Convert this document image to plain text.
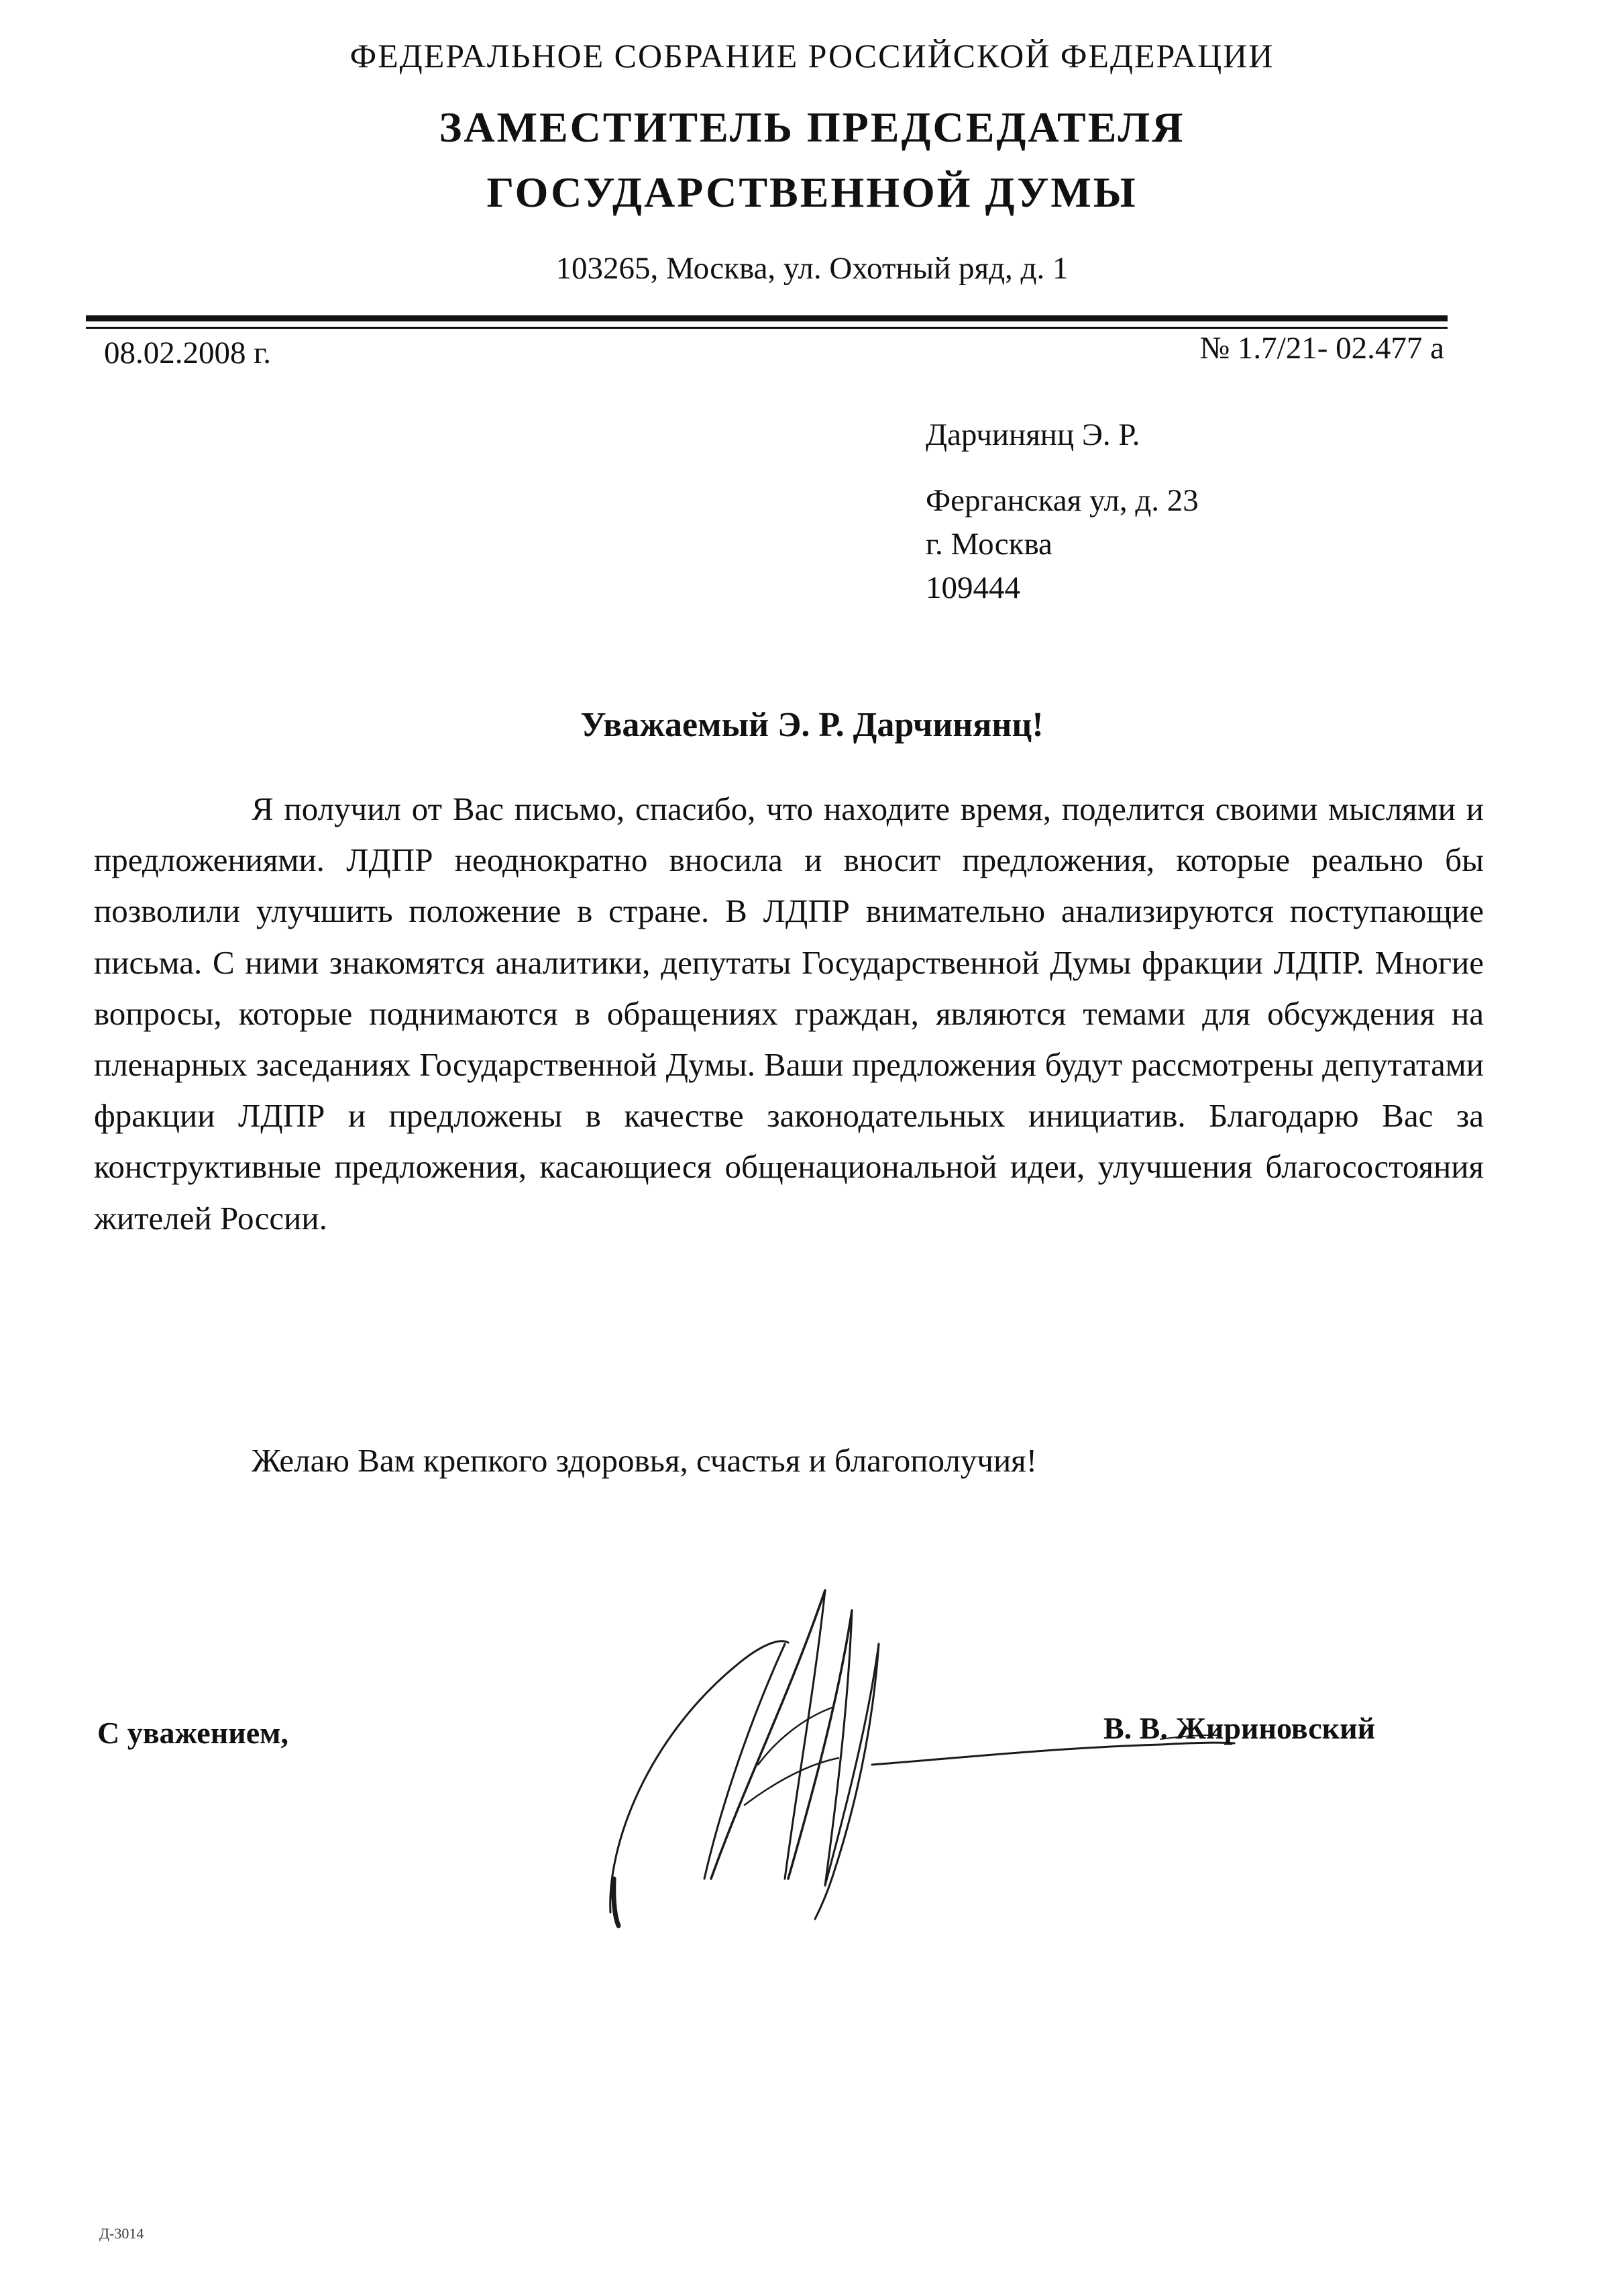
ФЕДЕРАЛЬНОЕ СОБРАНИЕ РОССИЙСКОЙ ФЕДЕРАЦИИ
ЗАМЕСТИТЕЛЬ ПРЕДСЕДАТЕЛЯ
ГОСУДАРСТВЕННОЙ ДУМЫ
103265, Москва, ул. Охотный ряд, д. 1
08.02.2008 г.	№ 1.7/21- 02.477 а
Дарчинянц Э. Р.
Ферганская ул, д. 23
г. Москва
109444
Уважаемый Э. Р. Дарчинянц!

Я получил от Вас письмо, спасибо, что находите время, поделится своими мыслями и предложениями. ЛДПР неоднократно вносила и вносит предложения, которые реально бы позволили улучшить положение в стране. В ЛДПР внимательно анализируются поступающие письма. С ними знакомятся аналитики, депутаты Государственной Думы фракции ЛДПР. Многие вопросы, которые поднимаются в обращениях граждан, являются темами для обсуждения на пленарных заседаниях Государственной Думы. Ваши предложения будут рассмотрены депутатами фракции ЛДПР и предложены в качестве законодательных инициатив. Благодарю Вас за конструктивные предложения, касающиеся общенациональной идеи, улучшения благосостояния жителей России.

Желаю Вам крепкого здоровья, счастья и благополучия!
С уважением,	В. В. Жириновский
Д-3014
